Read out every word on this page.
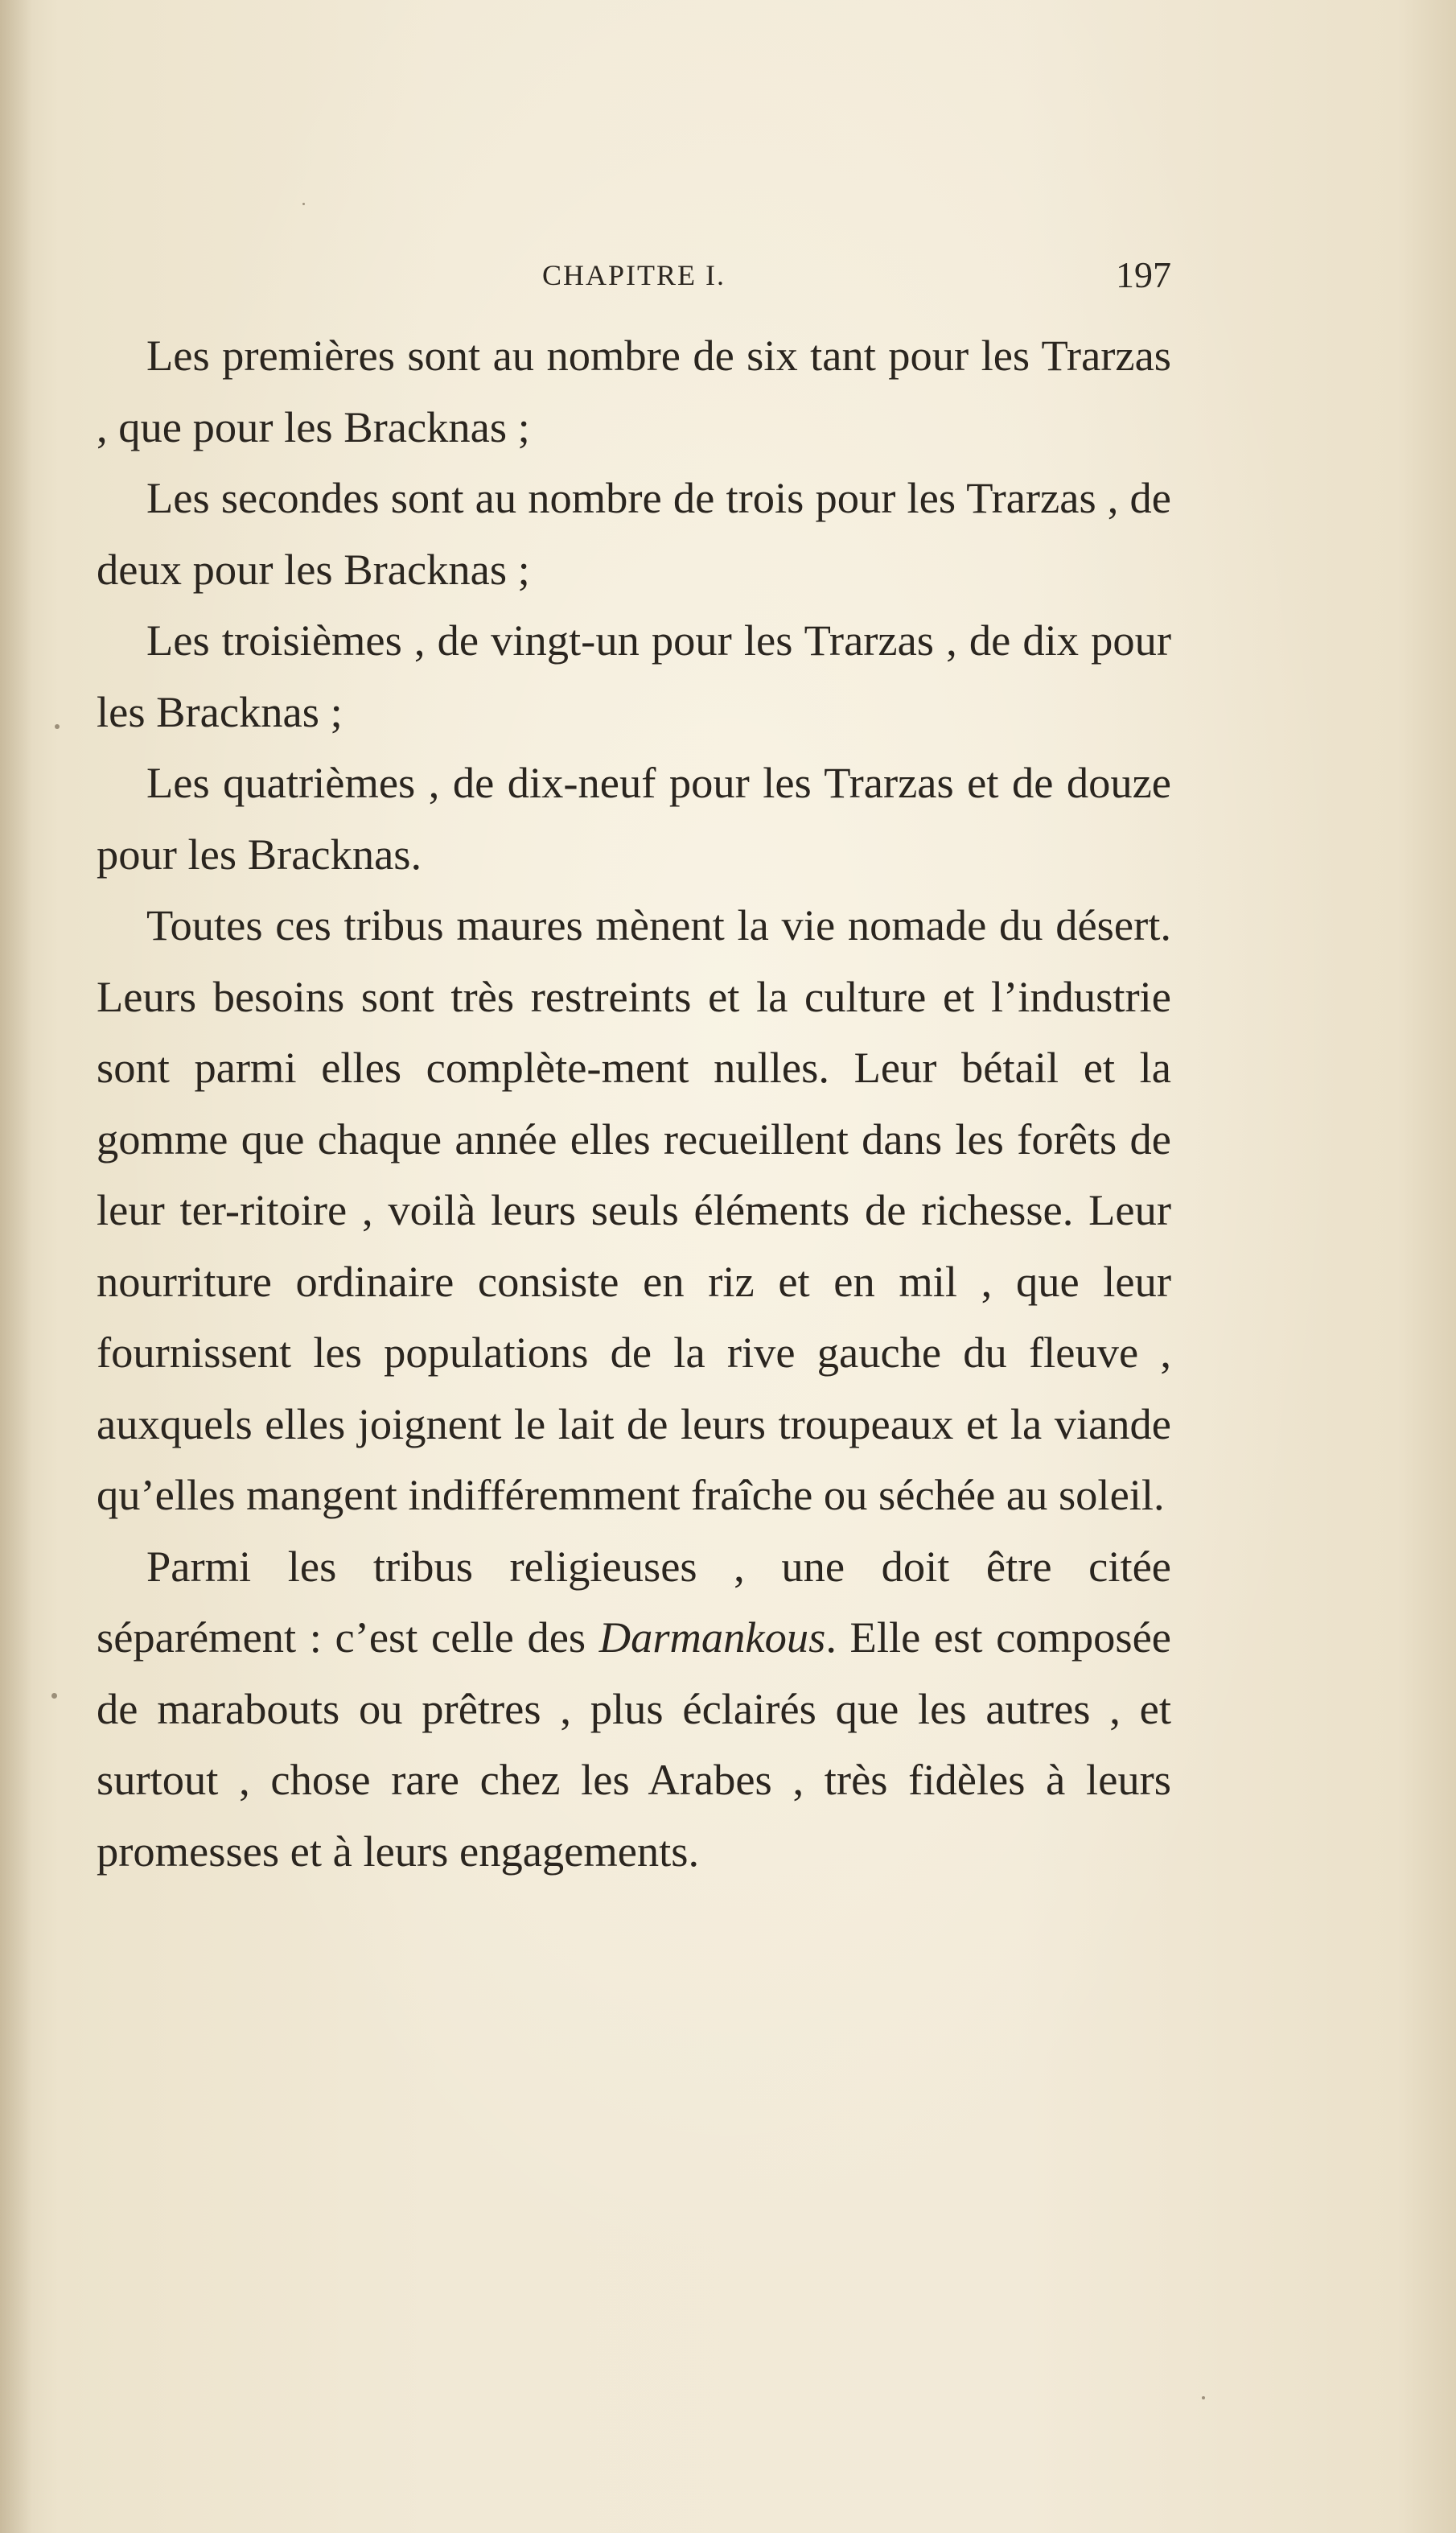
CHAPITRE I.	197

Les premières sont au nombre de six tant pour les Trarzas , que pour les Bracknas ;

Les secondes sont au nombre de trois pour les Trarzas , de deux pour les Bracknas ;

Les troisièmes , de vingt-un pour les Trarzas , de dix pour les Bracknas ;

Les quatrièmes , de dix-neuf pour les Trarzas et de douze pour les Bracknas.

Toutes ces tribus maures mènent la vie nomade du désert. Leurs besoins sont très restreints et la culture et l’industrie sont parmi elles complète-ment nulles. Leur bétail et la gomme que chaque année elles recueillent dans les forêts de leur ter-ritoire , voilà leurs seuls éléments de richesse. Leur nourriture ordinaire consiste en riz et en mil , que leur fournissent les populations de la rive gauche du fleuve , auxquels elles joignent le lait de leurs troupeaux et la viande qu’elles mangent indifféremment fraîche ou séchée au soleil.

Parmi les tribus religieuses , une doit être citée séparément : c’est celle des Darmankous. Elle est composée de marabouts ou prêtres , plus éclairés que les autres , et surtout , chose rare chez les Arabes , très fidèles à leurs promesses et à leurs engagements.
